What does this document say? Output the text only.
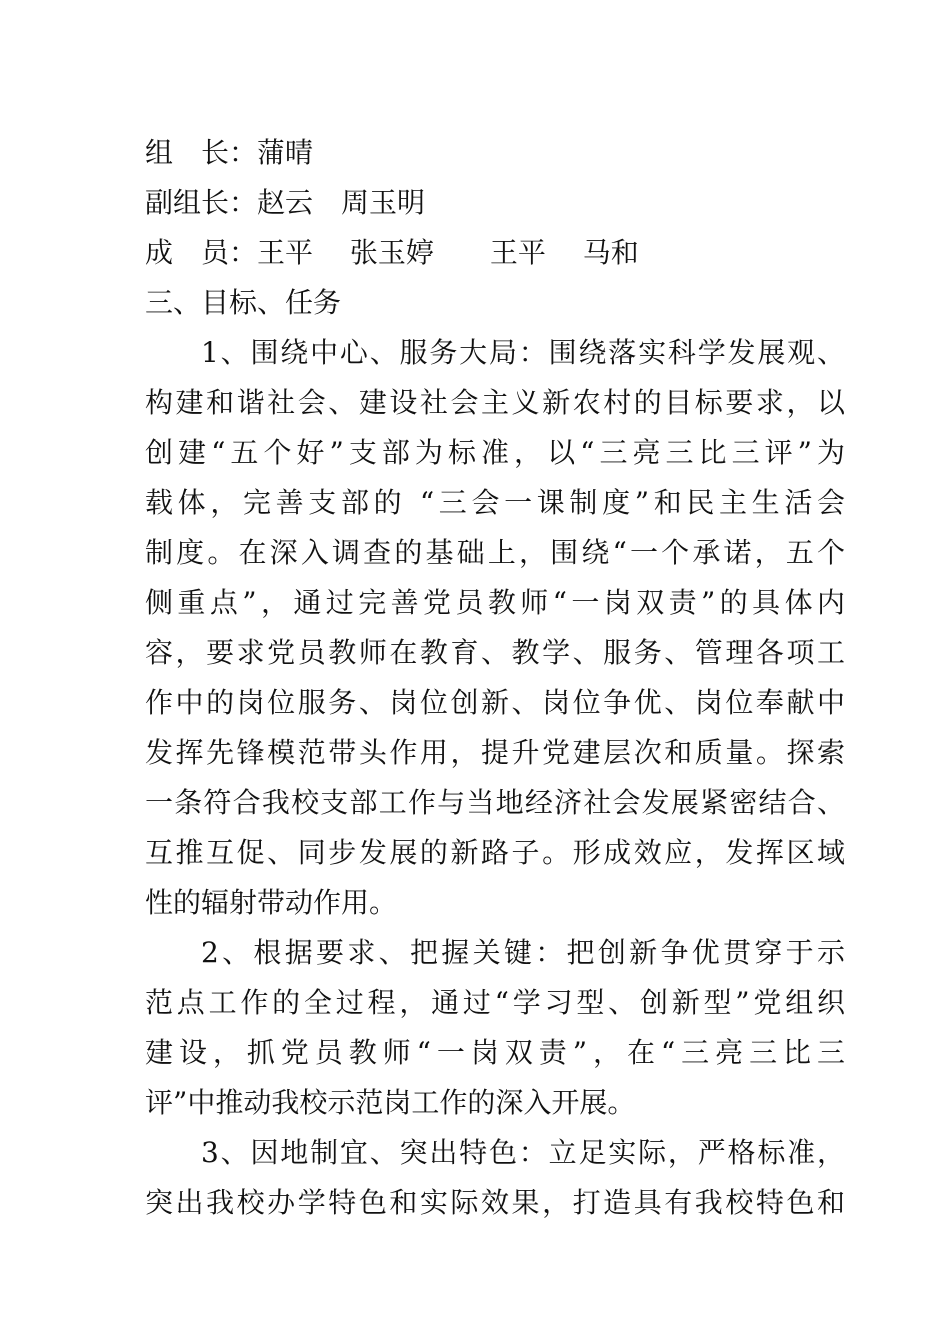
组　长：蒲晴
副组长：赵云　周玉明
成　员：王平　 张玉婷　　王平　 马和
三、目标、任务
1、围绕中心、服务大局：围绕落实科学发展观、
构建和谐社会、建设社会主义新农村的目标要求，以
创建“五个好”支部为标准，以“三亮三比三评”为
载体，完善支部的 “三会一课制度”和民主生活会
制度。在深入调查的基础上，围绕“一个承诺，五个
侧重点”，通过完善党员教师“一岗双责”的具体内
容，要求党员教师在教育、教学、服务、管理各项工
作中的岗位服务、岗位创新、岗位争优、岗位奉献中
发挥先锋模范带头作用，提升党建层次和质量。探索
一条符合我校支部工作与当地经济社会发展紧密结合、
互推互促、同步发展的新路子。形成效应，发挥区域
性的辐射带动作用。
2、根据要求、把握关键：把创新争优贯穿于示
范点工作的全过程，通过“学习型、创新型”党组织
建设，抓党员教师“一岗双责”，在“三亮三比三
评”中推动我校示范岗工作的深入开展。
3、因地制宜、突出特色：立足实际，严格标准，
突出我校办学特色和实际效果，打造具有我校特色和
